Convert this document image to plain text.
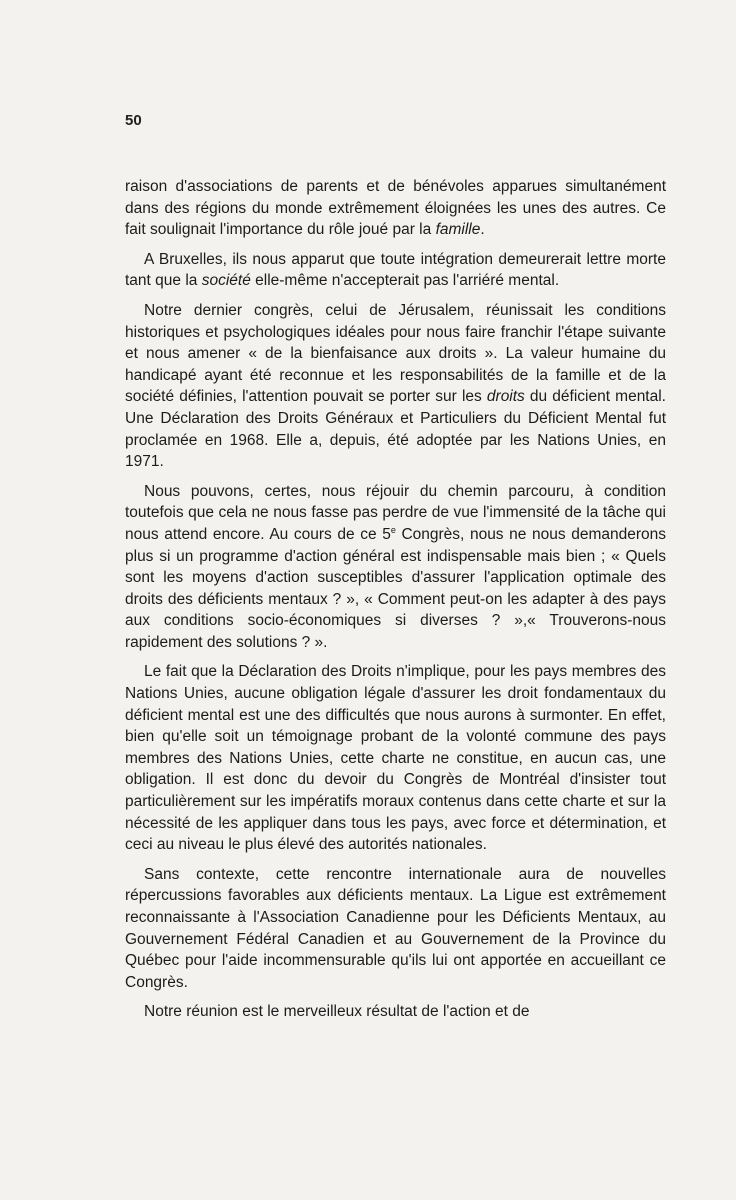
50

raison d'associations de parents et de bénévoles apparues simultanément dans des régions du monde extrêmement éloignées les unes des autres. Ce fait soulignait l'importance du rôle joué par la famille.

A Bruxelles, ils nous apparut que toute intégration demeurerait lettre morte tant que la société elle-même n'accepterait pas l'arriéré mental.

Notre dernier congrès, celui de Jérusalem, réunissait les conditions historiques et psychologiques idéales pour nous faire franchir l'étape suivante et nous amener « de la bienfaisance aux droits ». La valeur humaine du handicapé ayant été reconnue et les responsabilités de la famille et de la société définies, l'attention pouvait se porter sur les droits du déficient mental. Une Déclaration des Droits Généraux et Particuliers du Déficient Mental fut proclamée en 1968. Elle a, depuis, été adoptée par les Nations Unies, en 1971.

Nous pouvons, certes, nous réjouir du chemin parcouru, à condition toutefois que cela ne nous fasse pas perdre de vue l'immensité de la tâche qui nous attend encore. Au cours de ce 5e Congrès, nous ne nous demanderons plus si un programme d'action général est indispensable mais bien ; « Quels sont les moyens d'action susceptibles d'assurer l'application optimale des droits des déficients mentaux ? », « Comment peut-on les adapter à des pays aux conditions socio-économiques si diverses ? »,« Trouverons-nous rapidement des solutions ? ».

Le fait que la Déclaration des Droits n'implique, pour les pays membres des Nations Unies, aucune obligation légale d'assurer les droit fondamentaux du déficient mental est une des difficultés que nous aurons à surmonter. En effet, bien qu'elle soit un témoignage probant de la volonté commune des pays membres des Nations Unies, cette charte ne constitue, en aucun cas, une obligation. Il est donc du devoir du Congrès de Montréal d'insister tout particulièrement sur les impératifs moraux contenus dans cette charte et sur la nécessité de les appliquer dans tous les pays, avec force et détermination, et ceci au niveau le plus élevé des autorités nationales.

Sans contexte, cette rencontre internationale aura de nouvelles répercussions favorables aux déficients mentaux. La Ligue est extrêmement reconnaissante à l'Association Canadienne pour les Déficients Mentaux, au Gouvernement Fédéral Canadien et au Gouvernement de la Province du Québec pour l'aide incommensurable qu'ils lui ont apportée en accueillant ce Congrès.

Notre réunion est le merveilleux résultat de l'action et de
